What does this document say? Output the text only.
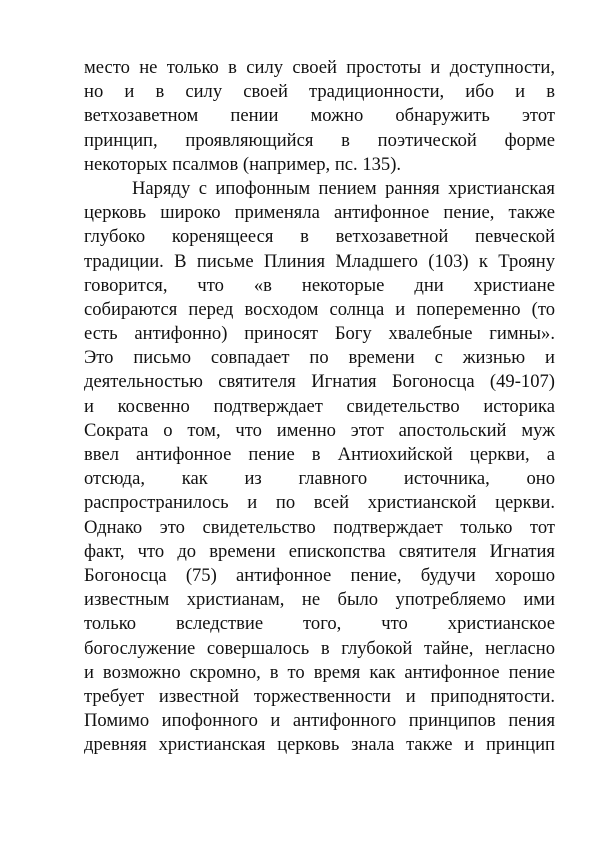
место не только в силу своей простоты и доступности,
но и в силу своей традиционности, ибо и в
ветхозаветном пении можно обнаружить этот
принцип, проявляющийся в поэтической форме
некоторых псалмов (например, пс. 135).
Наряду с ипофонным пением ранняя христианская
церковь широко применяла антифонное пение, также
глубоко коренящееся в ветхозаветной певческой
традиции. В письме Плиния Младшего (103) к Трояну
говорится, что «в некоторые дни христиане
собираются перед восходом солнца и попеременно (то
есть антифонно) приносят Богу хвалебные гимны».
Это письмо совпадает по времени с жизнью и
деятельностью святителя Игнатия Богоносца (49-107)
и косвенно подтверждает свидетельство историка
Сократа о том, что именно этот апостольский муж
ввел антифонное пение в Антиохийской церкви, а
отсюда, как из главного источника, оно
распространилось и по всей христианской церкви.
Однако это свидетельство подтверждает только тот
факт, что до времени епископства святителя Игнатия
Богоносца (75) антифонное пение, будучи хорошо
известным христианам, не было употребляемо ими
только вследствие того, что христианское
богослужение совершалось в глубокой тайне, негласно
и возможно скромно, в то время как антифонное пение
требует известной торжественности и приподнятости.
Помимо ипофонного и антифонного принципов пения
древняя христианская церковь знала также и принцип
